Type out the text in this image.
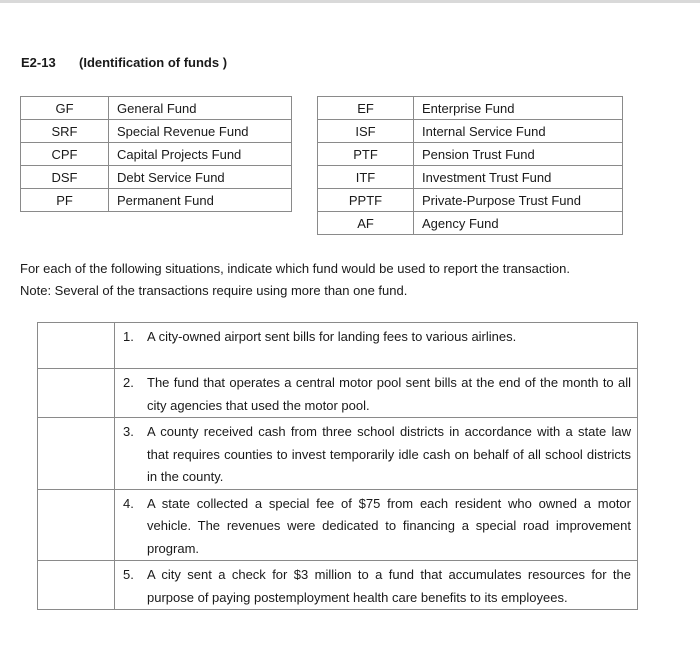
E2-13 (Identification of funds )
GF	General Fund
SRF	Special Revenue Fund
CPF	Capital Projects Fund
DSF	Debt Service Fund
PF	Permanent Fund
EF	Enterprise Fund
ISF	Internal Service Fund
PTF	Pension Trust Fund
ITF	Investment Trust Fund
PPTF	Private-Purpose Trust Fund
AF	Agency Fund
For each of the following situations, indicate which fund would be used to report the transaction.
Note: Several of the transactions require using more than one fund.

	1. A city-owned airport sent bills for landing fees to various airlines.

	2. The fund that operates a central motor pool sent bills at the end of the month to all city agencies that used the motor pool.

	3. A county received cash from three school districts in accordance with a state law that requires counties to invest temporarily idle cash on behalf of all school districts in the county.

	4. A state collected a special fee of $75 from each resident who owned a motor vehicle. The revenues were dedicated to financing a special road improvement program.

	5. A city sent a check for $3 million to a fund that accumulates resources for the purpose of paying postemployment health care benefits to its employees.
